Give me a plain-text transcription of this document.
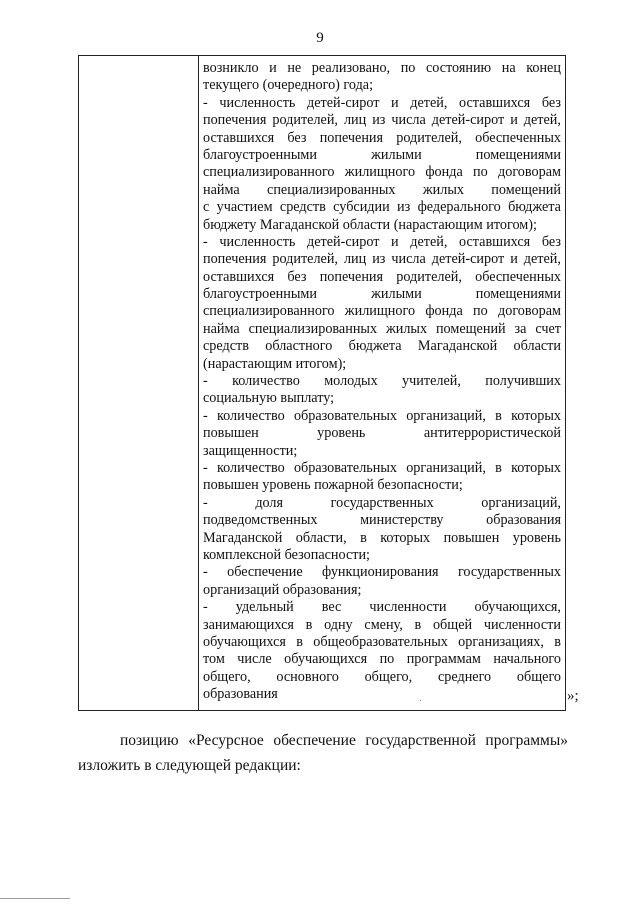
9
возникло и не реализовано, по состоянию на конец
текущего (очередного) года;
- численность детей-сирот и детей, оставшихся без
попечения родителей, лиц из числа детей-сирот и детей,
оставшихся без попечения родителей, обеспеченных
благоустроенными	жилыми	помещениями
специализированного жилищного фонда по договорам
найма специализированных жилых помещений
с участием средств субсидии из федерального бюджета
бюджету Магаданской области (нарастающим итогом);
- численность детей-сирот и детей, оставшихся без
попечения родителей, лиц из числа детей-сирот и детей,
оставшихся без попечения родителей, обеспеченных
благоустроенными	жилыми	помещениями
специализированного жилищного фонда по договорам
найма специализированных жилых помещений за счет
средств областного бюджета Магаданской области
(нарастающим итогом);
- количество молодых учителей, получивших
социальную выплату;
- количество образовательных организаций, в которых
повышен	уровень	антитеррористической
защищенности;
- количество образовательных организаций, в которых
повышен уровень пожарной безопасности;
-	доля	государственных	организаций,
подведомственных	министерству	образования
Магаданской области, в которых повышен уровень
комплексной безопасности;
- обеспечение функционирования государственных
организаций образования;
- удельный вес численности обучающихся,
занимающихся в одну смену, в общей численности
обучающихся в общеобразовательных организациях, в
том числе обучающихся по программам начального
общего, основного общего, среднего общего
образования	»;
позицию «Ресурсное обеспечение государственной программы»
изложить в следующей редакции:
